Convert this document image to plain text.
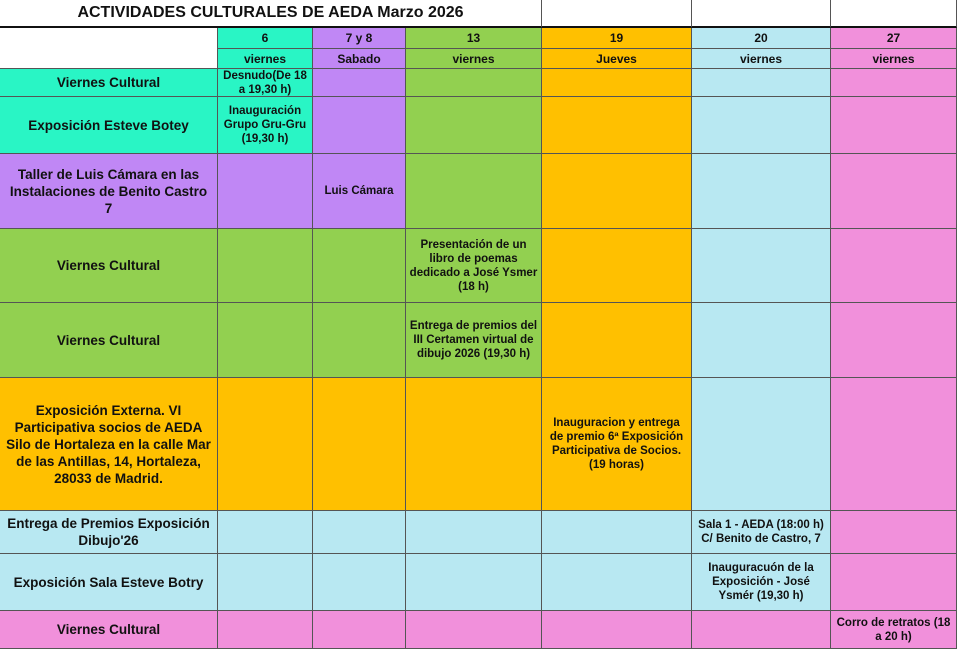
ACTIVIDADES CULTURALES DE AEDA Marzo 2026
6
viernes
7 y 8
Sabado
13
viernes
19
Jueves
20
viernes
27
viernes
Viernes Cultural	Desnudo(De 18 a 19,30 h)
Exposición Esteve Botey
Inauguración Grupo Gru-Gru (19,30 h)
Taller de Luis Cámara en las Instalaciones de Benito Castro 7
Luis Cámara
Viernes Cultural
Presentación de un libro de poemas dedicado a José Ysmer (18 h)
Viernes Cultural
Entrega de premios del III Certamen virtual de dibujo 2026 (19,30 h)
Exposición Externa. VI Participativa socios de AEDA Silo de Hortaleza en la calle Mar de las Antillas, 14, Hortaleza, 28033 de Madrid.
Inauguracion y entrega de premio 6ª Exposición Participativa de Socios. (19 horas)
Entrega de Premios Exposición Dibujo'26
Sala 1 - AEDA (18:00 h) C/ Benito de Castro, 7
Exposición Sala Esteve Botry
Inauguracuón de la Exposición - José Ysmér (19,30 h)
Viernes Cultural	Corro de retratos (18 a 20 h)
